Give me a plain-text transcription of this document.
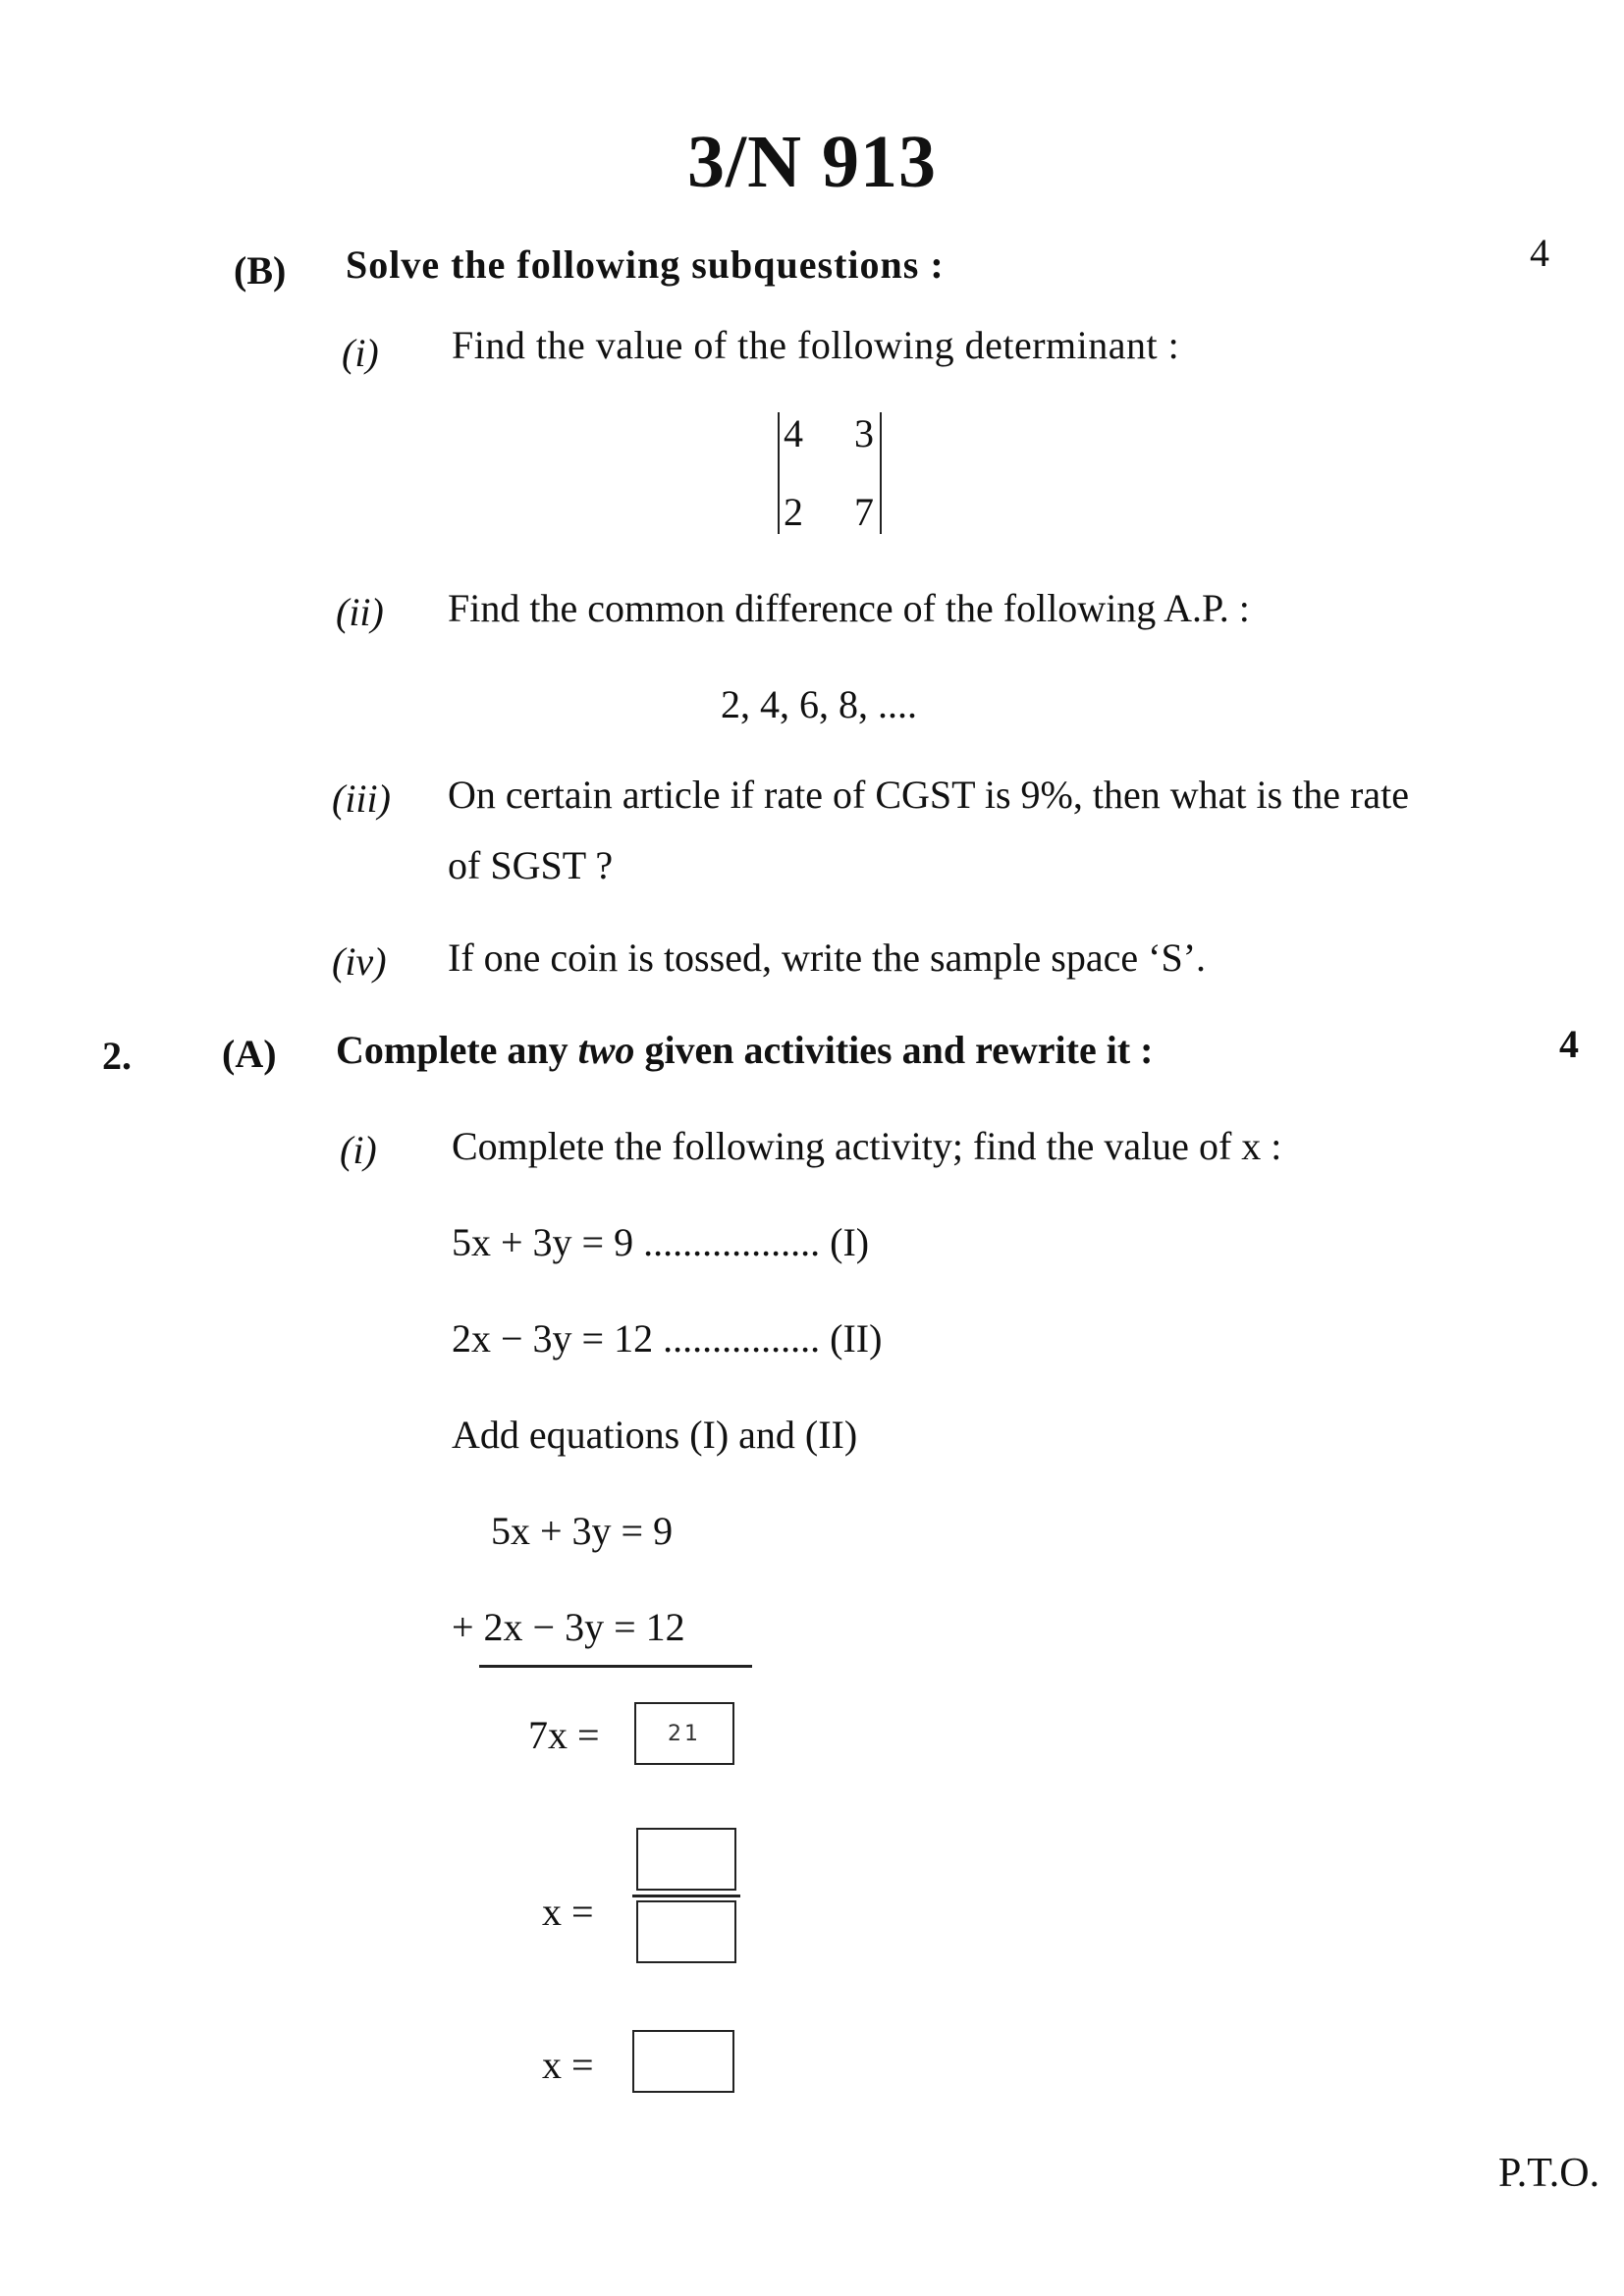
3/N 913
(B) Solve the following subquestions :	4
(i) Find the value of the following determinant :
4 3
2 7
(ii) Find the common difference of the following A.P. :
2, 4, 6, 8, ....
(iii) On certain article if rate of CGST is 9%, then what is the rate
of SGST ?
(iv) If one coin is tossed, write the sample space ‘S’.
2. (A) Complete any two given activities and rewrite it :	4
(i) Complete the following activity; find the value of x :
5x + 3y = 9 .................. (I)
2x − 3y = 12 ................ (II)
Add equations (I) and (II)
5x + 3y = 9
+ 2x − 3y = 12
7x =	21
x =
x =
P.T.O.
